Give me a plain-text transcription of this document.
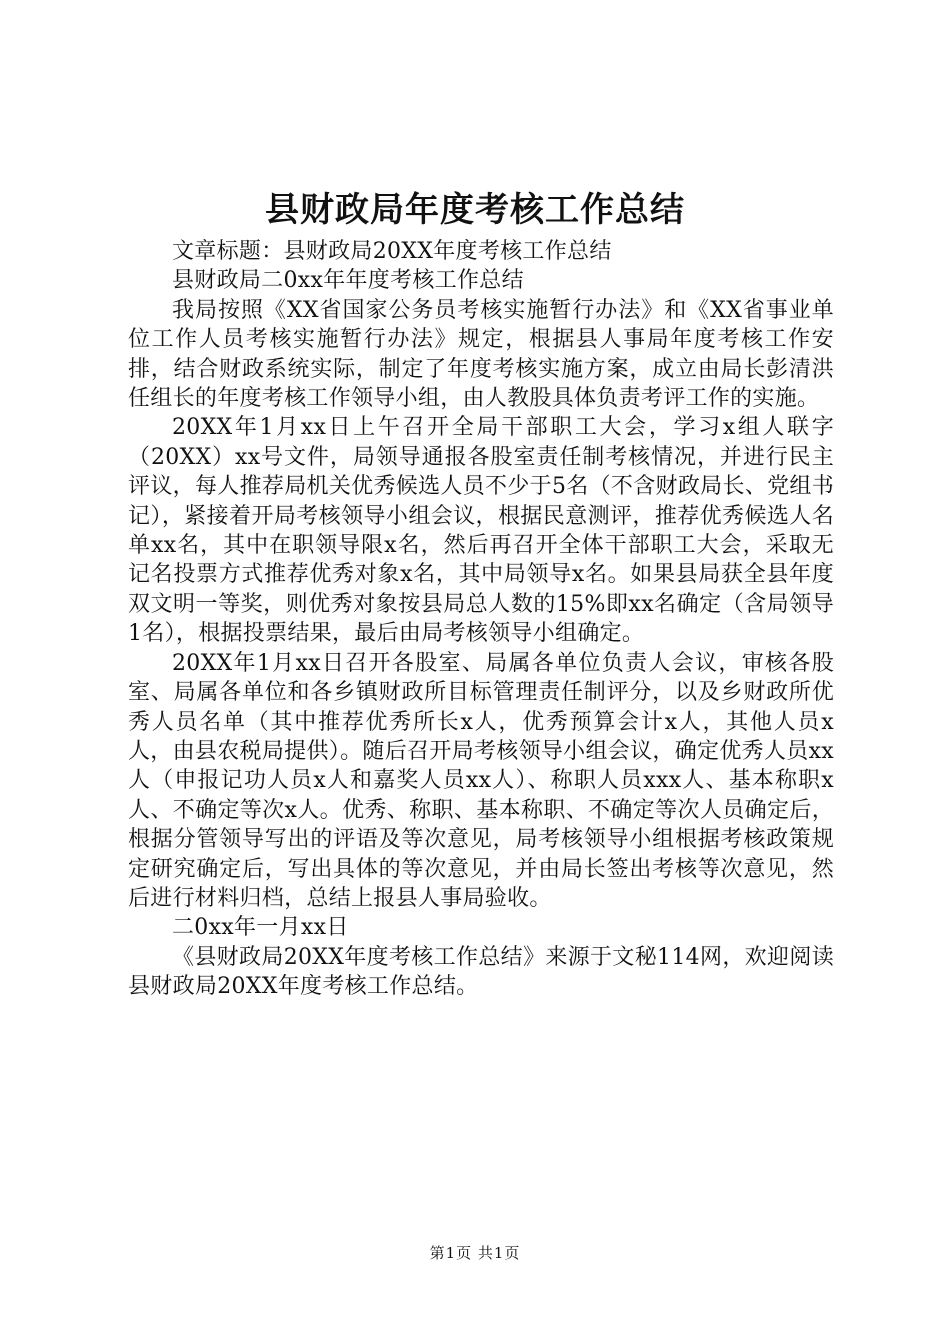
县财政局年度考核工作总结

文章标题：县财政局20XX年度考核工作总结

县财政局二0xx年年度考核工作总结

我局按照《XX省国家公务员考核实施暂行办法》和《XX省事业单位工作人员考核实施暂行办法》规定，根据县人事局年度考核工作安排，结合财政系统实际，制定了年度考核实施方案，成立由局长彭清洪任组长的年度考核工作领导小组，由人教股具体负责考评工作的实施。

20XX年1月xx日上午召开全局干部职工大会，学习x组人联字（20XX）xx号文件，局领导通报各股室责任制考核情况，并进行民主评议，每人推荐局机关优秀候选人员不少于5名（不含财政局长、党组书记），紧接着开局考核领导小组会议，根据民意测评，推荐优秀候选人名单xx名，其中在职领导限x名，然后再召开全体干部职工大会，采取无记名投票方式推荐优秀对象x名，其中局领导x名。如果县局获全县年度双文明一等奖，则优秀对象按县局总人数的15%即xx名确定（含局领导1名），根据投票结果，最后由局考核领导小组确定。

20XX年1月xx日召开各股室、局属各单位负责人会议，审核各股室、局属各单位和各乡镇财政所目标管理责任制评分，以及乡财政所优秀人员名单（其中推荐优秀所长x人，优秀预算会计x人，其他人员x人，由县农税局提供）。随后召开局考核领导小组会议，确定优秀人员xx人（申报记功人员x人和嘉奖人员xx人）、称职人员xxx人、基本称职x人、不确定等次x人。优秀、称职、基本称职、不确定等次人员确定后，根据分管领导写出的评语及等次意见，局考核领导小组根据考核政策规定研究确定后，写出具体的等次意见，并由局长签出考核等次意见，然后进行材料归档，总结上报县人事局验收。

二0xx年一月xx日

《县财政局20XX年度考核工作总结》来源于文秘114网，欢迎阅读县财政局20XX年度考核工作总结。

第1页 共1页
